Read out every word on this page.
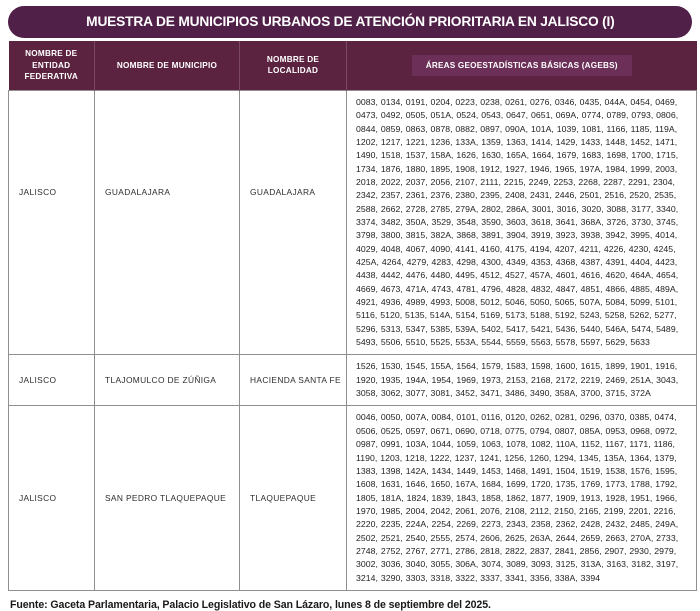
MUESTRA DE MUNICIPIOS URBANOS DE ATENCIÓN PRIORITARIA EN JALISCO (I)
NOMBRE DE ENTIDAD FEDERATIVA	NOMBRE DE MUNICIPIO	NOMBRE DE LOCALIDAD	ÁREAS GEOESTADÍSTICAS BÁSICAS (AGEBS)
JALISCO	GUADALAJARA	GUADALAJARA	0083, 0134, 0191, 0204, 0223, 0238, 0261, 0276, 0346, 0435, 044A, 0454, 0469, 0473, 0492, 0505, 051A, 0524, 0543, 0647, 0651, 069A, 0774, 0789, 0793, 0806, 0844, 0859, 0863, 0878, 0882, 0897, 090A, 101A, 1039, 1081, 1166, 1185, 119A, 1202, 1217, 1221, 1236, 133A, 1359, 1363, 1414, 1429, 1433, 1448, 1452, 1471, 1490, 1518, 1537, 158A, 1626, 1630, 165A, 1664, 1679, 1683, 1698, 1700, 1715, 1734, 1876, 1880, 1895, 1908, 1912, 1927, 1946, 1965, 197A, 1984, 1999, 2003, 2018, 2022, 2037, 2056, 2107, 2111, 2215, 2249, 2253, 2268, 2287, 2291, 2304, 2342, 2357, 2361, 2376, 2380, 2395, 2408, 2431, 2446, 2501, 2516, 2520, 2535, 2588, 2662, 2728, 2785, 279A, 2802, 286A, 3001, 3016, 3020, 3088, 3177, 3340, 3374, 3482, 350A, 3529, 3548, 3590, 3603, 3618, 3641, 368A, 3726, 3730, 3745, 3798, 3800, 3815, 382A, 3868, 3891, 3904, 3919, 3923, 3938, 3942, 3995, 4014, 4029, 4048, 4067, 4090, 4141, 4160, 4175, 4194, 4207, 4211, 4226, 4230, 4245, 425A, 4264, 4279, 4283, 4298, 4300, 4349, 4353, 4368, 4387, 4391, 4404, 4423, 4438, 4442, 4476, 4480, 4495, 4512, 4527, 457A, 4601, 4616, 4620, 464A, 4654, 4669, 4673, 471A, 4743, 4781, 4796, 4828, 4832, 4847, 4851, 4866, 4885, 489A, 4921, 4936, 4989, 4993, 5008, 5012, 5046, 5050, 5065, 507A, 5084, 5099, 5101, 5116, 5120, 5135, 514A, 5154, 5169, 5173, 5188, 5192, 5243, 5258, 5262, 5277, 5296, 5313, 5347, 5385, 539A, 5402, 5417, 5421, 5436, 5440, 546A, 5474, 5489, 5493, 5506, 5510, 5525, 553A, 5544, 5559, 5563, 5578, 5597, 5629, 5633
JALISCO	TLAJOMULCO DE ZÚÑIGA	HACIENDA SANTA FE	1526, 1530, 1545, 155A, 1564, 1579, 1583, 1598, 1600, 1615, 1899, 1901, 1916, 1920, 1935, 194A, 1954, 1969, 1973, 2153, 2168, 2172, 2219, 2469, 251A, 3043, 3058, 3062, 3077, 3081, 3452, 3471, 3486, 3490, 358A, 3700, 3715, 372A
JALISCO	SAN PEDRO TLAQUEPAQUE	TLAQUEPAQUE	0046, 0050, 007A, 0084, 0101, 0116, 0120, 0262, 0281, 0296, 0370, 0385, 0474, 0506, 0525, 0597, 0671, 0690, 0718, 0775, 0794, 0807, 085A, 0953, 0968, 0972, 0987, 0991, 103A, 1044, 1059, 1063, 1078, 1082, 110A, 1152, 1167, 1171, 1186, 1190, 1203, 1218, 1222, 1237, 1241, 1256, 1260, 1294, 1345, 135A, 1364, 1379, 1383, 1398, 142A, 1434, 1449, 1453, 1468, 1491, 1504, 1519, 1538, 1576, 1595, 1608, 1631, 1646, 1650, 167A, 1684, 1699, 1720, 1735, 1769, 1773, 1788, 1792, 1805, 181A, 1824, 1839, 1843, 1858, 1862, 1877, 1909, 1913, 1928, 1951, 1966, 1970, 1985, 2004, 2042, 2061, 2076, 2108, 2112, 2150, 2165, 2199, 2201, 2216, 2220, 2235, 224A, 2254, 2269, 2273, 2343, 2358, 2362, 2428, 2432, 2485, 249A, 2502, 2521, 2540, 2555, 2574, 2606, 2625, 263A, 2644, 2659, 2663, 270A, 2733, 2748, 2752, 2767, 2771, 2786, 2818, 2822, 2837, 2841, 2856, 2907, 2930, 2979, 3002, 3036, 3040, 3055, 306A, 3074, 3089, 3093, 3125, 313A, 3163, 3182, 3197, 3214, 3290, 3303, 3318, 3322, 3337, 3341, 3356, 338A, 3394
Fuente: Gaceta Parlamentaria, Palacio Legislativo de San Lázaro, lunes 8 de septiembre del 2025.
